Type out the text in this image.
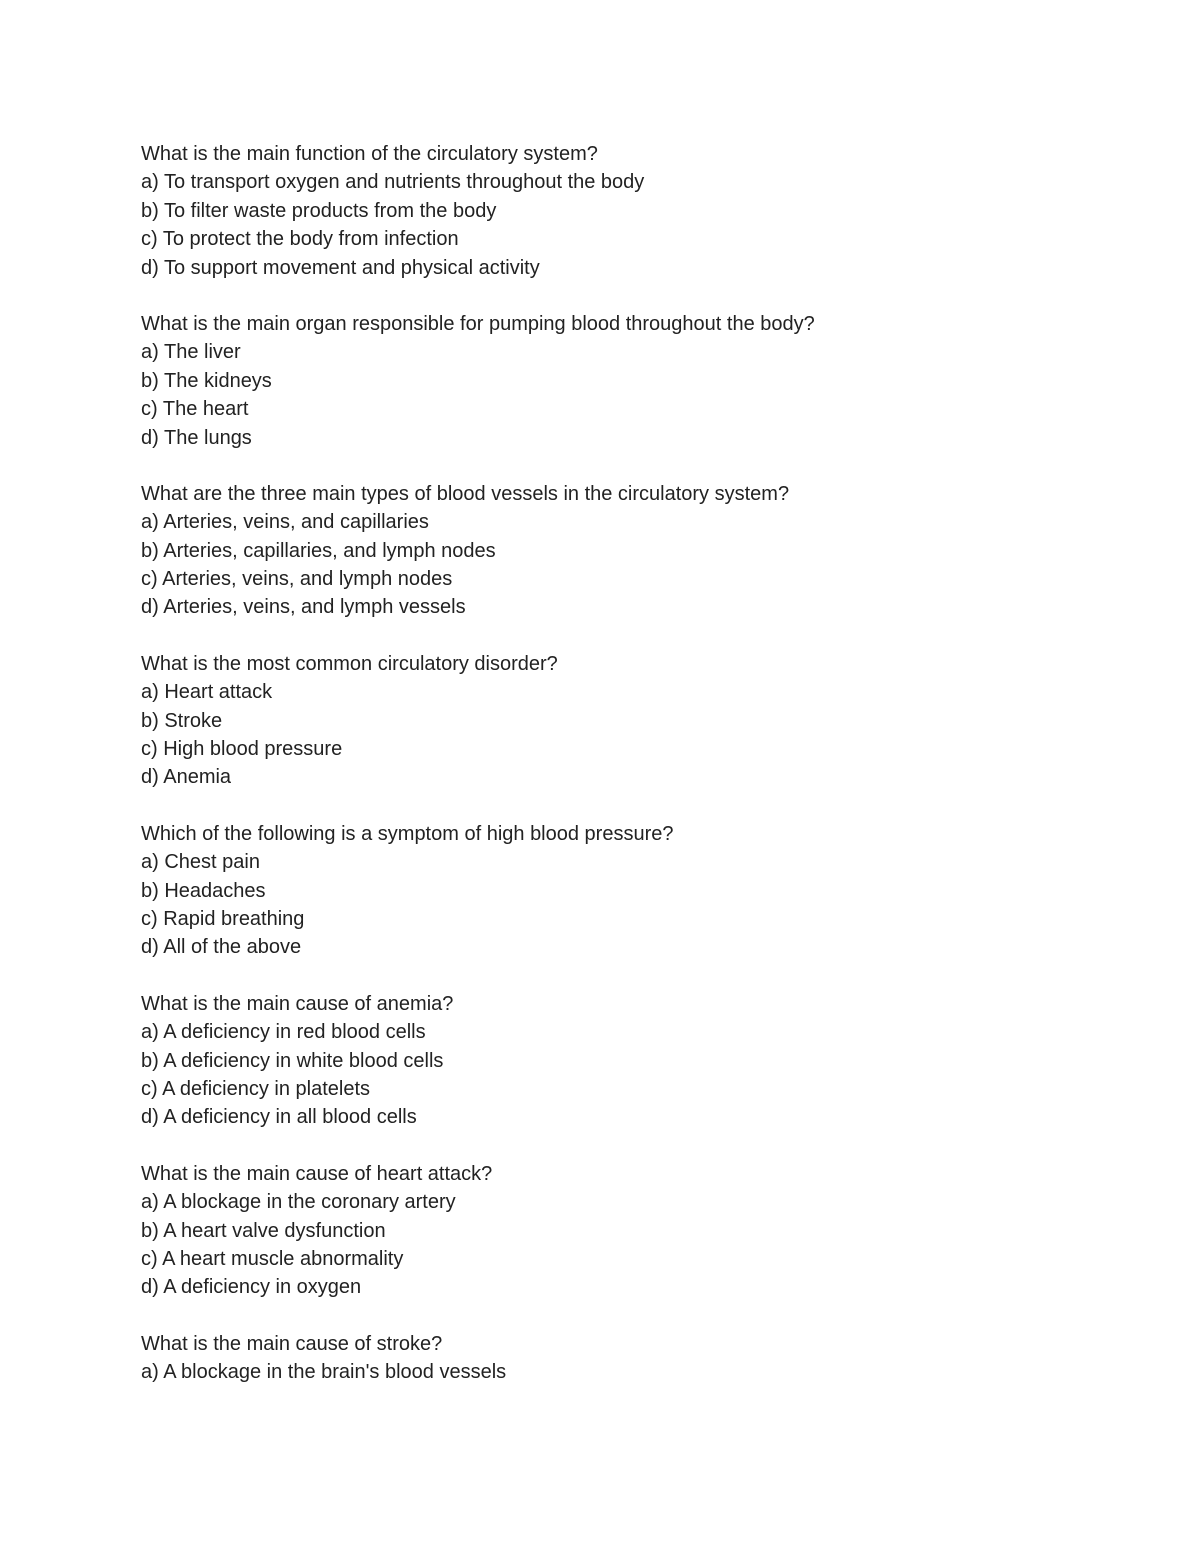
What is the main function of the circulatory system?
a) To transport oxygen and nutrients throughout the body
b) To filter waste products from the body
c) To protect the body from infection
d) To support movement and physical activity
What is the main organ responsible for pumping blood throughout the body?
a) The liver
b) The kidneys
c) The heart
d) The lungs
What are the three main types of blood vessels in the circulatory system?
a) Arteries, veins, and capillaries
b) Arteries, capillaries, and lymph nodes
c) Arteries, veins, and lymph nodes
d) Arteries, veins, and lymph vessels
What is the most common circulatory disorder?
a) Heart attack
b) Stroke
c) High blood pressure
d) Anemia
Which of the following is a symptom of high blood pressure?
a) Chest pain
b) Headaches
c) Rapid breathing
d) All of the above
What is the main cause of anemia?
a) A deficiency in red blood cells
b) A deficiency in white blood cells
c) A deficiency in platelets
d) A deficiency in all blood cells
What is the main cause of heart attack?
a) A blockage in the coronary artery
b) A heart valve dysfunction
c) A heart muscle abnormality
d) A deficiency in oxygen
What is the main cause of stroke?
a) A blockage in the brain's blood vessels
